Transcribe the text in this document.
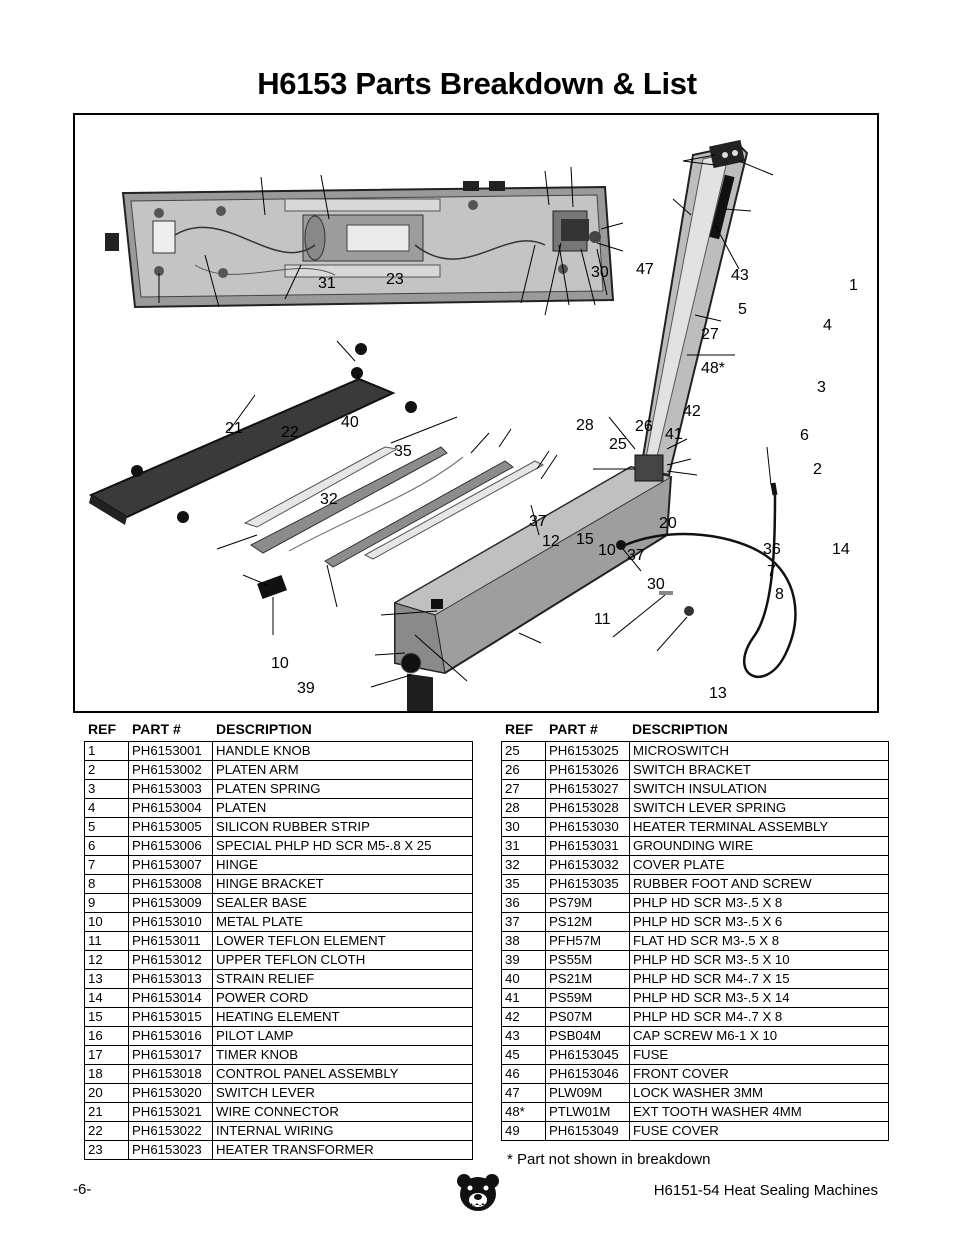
H6153 Parts Breakdown & List
31	23	30 47	43
1
5
4
27
48*
3
42
21 22
40	28	26 41
25
6
35
2
32
37	20
12 15
10 37	36	14
7
30
8
11
10
39	13
REF PART #	DESCRIPTION	REF PART # DESCRIPTION
1	PH6153001	HANDLE KNOB
2	PH6153002	PLATEN ARM
3	PH6153003	PLATEN SPRING
4	PH6153004	PLATEN
5	PH6153005	SILICON RUBBER STRIP
6	PH6153006	SPECIAL PHLP HD SCR M5-.8 X 25
7	PH6153007	HINGE
8	PH6153008	HINGE BRACKET
9	PH6153009	SEALER BASE
10	PH6153010	METAL PLATE
11	PH6153011	LOWER TEFLON ELEMENT
12	PH6153012	UPPER TEFLON CLOTH
13	PH6153013	STRAIN RELIEF
14	PH6153014	POWER CORD
15	PH6153015	HEATING ELEMENT
16	PH6153016	PILOT LAMP
17	PH6153017	TIMER KNOB
18	PH6153018	CONTROL PANEL ASSEMBLY
20	PH6153020	SWITCH LEVER
21	PH6153021	WIRE CONNECTOR
22	PH6153022	INTERNAL WIRING
23	PH6153023	HEATER TRANSFORMER
25	PH6153025	MICROSWITCH
26	PH6153026	SWITCH BRACKET
27	PH6153027	SWITCH INSULATION
28	PH6153028	SWITCH LEVER SPRING
30	PH6153030	HEATER TERMINAL ASSEMBLY
31	PH6153031	GROUNDING WIRE
32	PH6153032	COVER PLATE
35	PH6153035	RUBBER FOOT AND SCREW
36	PS79M	PHLP HD SCR M3-.5 X 8
37	PS12M	PHLP HD SCR M3-.5 X 6
38	PFH57M	FLAT HD SCR M3-.5 X 8
39	PS55M	PHLP HD SCR M3-.5 X 10
40	PS21M	PHLP HD SCR M4-.7 X 15
41	PS59M	PHLP HD SCR M3-.5 X 14
42	PS07M	PHLP HD SCR M4-.7 X 8
43	PSB04M	CAP SCREW M6-1 X 10
45	PH6153045	FUSE
46	PH6153046	FRONT COVER
47	PLW09M	LOCK WASHER 3MM
48*	PTLW01M	EXT TOOTH WASHER 4MM
49	PH6153049	FUSE COVER
* Part not shown in breakdown
-6-	H6151-54 Heat Sealing Machines
